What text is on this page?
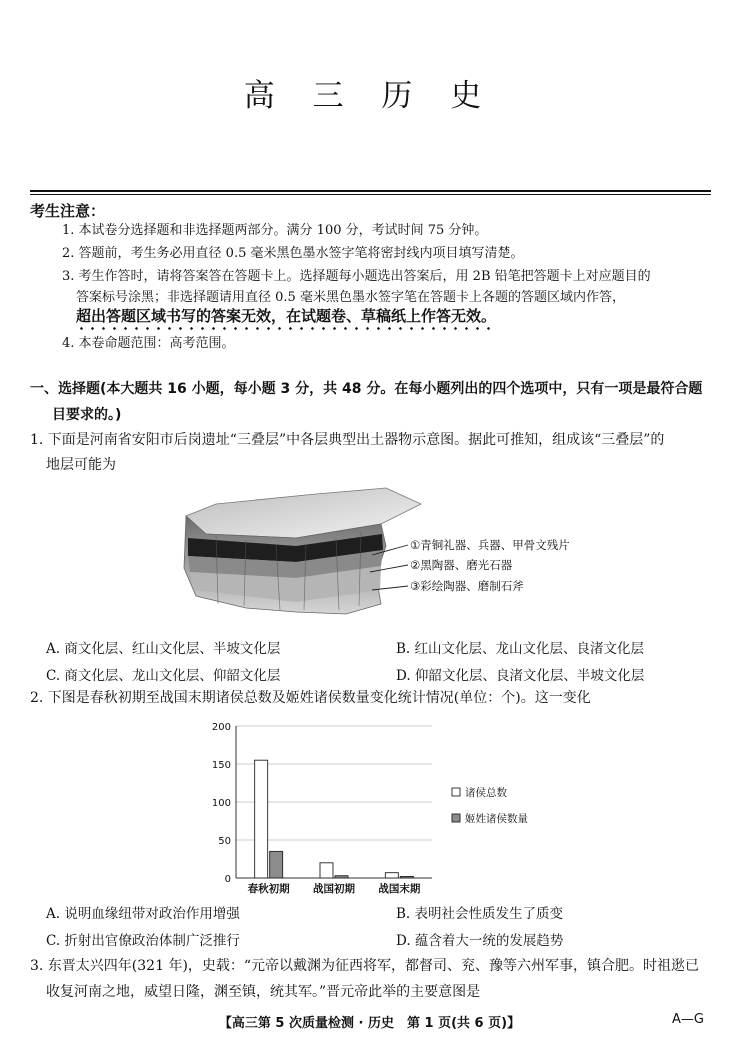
高 三 历 史
考生注意：
1. 本试卷分选择题和非选择题两部分。满分 100 分，考试时间 75 分钟。
2. 答题前，考生务必用直径 0.5 毫米黑色墨水签字笔将密封线内项目填写清楚。
3. 考生作答时，请将答案答在答题卡上。选择题每小题选出答案后，用 2B 铅笔把答题卡上对应题目的
答案标号涂黑；非选择题请用直径 0.5 毫米黑色墨水签字笔在答题卡上各题的答题区域内作答，
超出答题区域书写的答案无效，在试题卷、草稿纸上作答无效。
4. 本卷命题范围：高考范围。
一、选择题(本大题共 16 小题，每小题 3 分，共 48 分。在每小题列出的四个选项中，只有一项是最符合题
目要求的。)
1. 下面是河南省安阳市后岗遗址“三叠层”中各层典型出土器物示意图。据此可推知，组成该“三叠层”的
地层可能为
①青铜礼器、兵器、甲骨文残片
②黑陶器、磨光石器
③彩绘陶器、磨制石斧
A. 商文化层、红山文化层、半坡文化层	B. 红山文化层、龙山文化层、良渚文化层
C. 商文化层、龙山文化层、仰韶文化层	D. 仰韶文化层、良渚文化层、半坡文化层
2. 下图是春秋初期至战国末期诸侯总数及姬姓诸侯数量变化统计情况(单位：个)。这一变化
0
50
100
150
200
春秋初期 战国初期 战国末期
诸侯总数
姬姓诸侯数量
A. 说明血缘纽带对政治作用增强	B. 表明社会性质发生了质变
C. 折射出官僚政治体制广泛推行	D. 蕴含着大一统的发展趋势
3. 东晋太兴四年(321 年)，史载：“元帝以戴渊为征西将军，都督司、兖、豫等六州军事，镇合肥。时祖逖已
收复河南之地，威望日隆，渊至镇，统其军。”晋元帝此举的主要意图是
【高三第 5 次质量检测 · 历史　第 1 页(共 6 页)】	A—G
